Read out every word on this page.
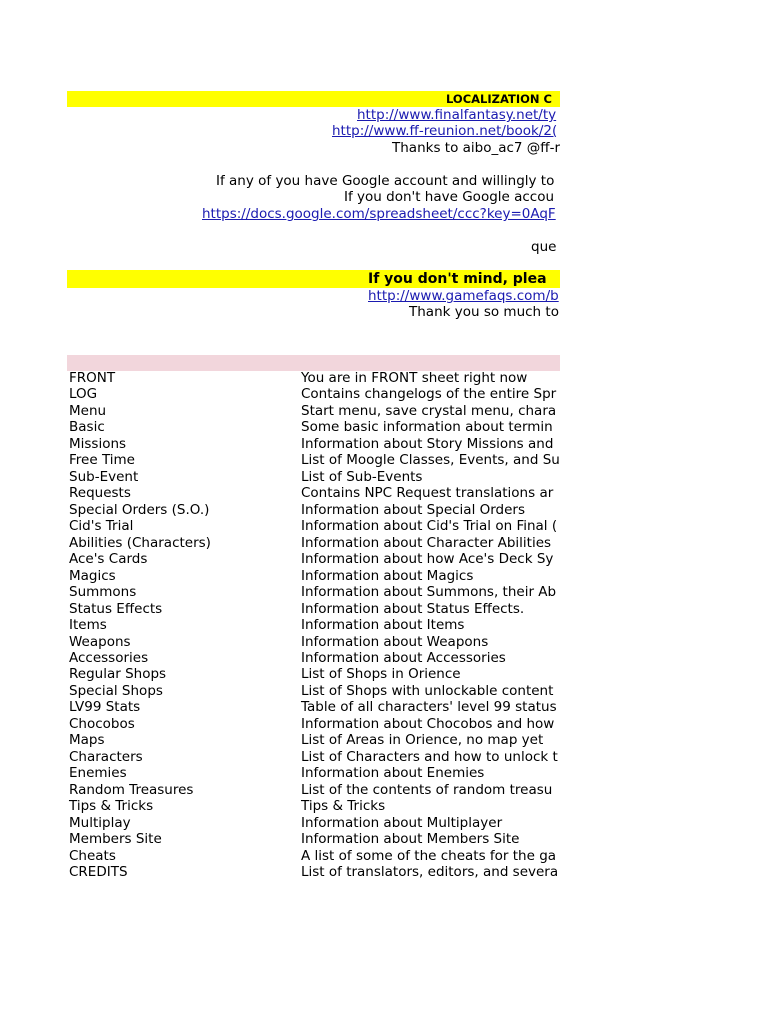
LOCALIZATION C
http://www.finalfantasy.net/ty
http://www.ff-reunion.net/book/2(
Thanks to aibo_ac7 @ff-r
If any of you have Google account and willingly to
If you don't have Google accou
https://docs.google.com/spreadsheet/ccc?key=0AqF
que
If you don't mind, plea
http://www.gamefaqs.com/b
Thank you so much to
FRONT	You are in FRONT sheet right now
LOG	Contains changelogs of the entire Spr
Menu	Start menu, save crystal menu, chara
Basic	Some basic information about termin
Missions	Information about Story Missions and
Free Time	List of Moogle Classes, Events, and Su
Sub-Event	List of Sub-Events
Requests	Contains NPC Request translations ar
Special Orders (S.O.)	Information about Special Orders
Cid's Trial	Information about Cid's Trial on Final (
Abilities (Characters)	Information about Character Abilities
Ace's Cards	Information about how Ace's Deck Sy
Magics	Information about Magics
Summons	Information about Summons, their Ab
Status Effects	Information about Status Effects.
Items	Information about Items
Weapons	Information about Weapons
Accessories	Information about Accessories
Regular Shops	List of Shops in Orience
Special Shops	List of Shops with unlockable content
LV99 Stats	Table of all characters' level 99 status
Chocobos	Information about Chocobos and how
Maps	List of Areas in Orience, no map yet
Characters	List of Characters and how to unlock t
Enemies	Information about Enemies
Random Treasures	List of the contents of random treasu
Tips & Tricks	Tips & Tricks
Multiplay	Information about Multiplayer
Members Site	Information about Members Site
Cheats	A list of some of the cheats for the ga
CREDITS	List of translators, editors, and severa
